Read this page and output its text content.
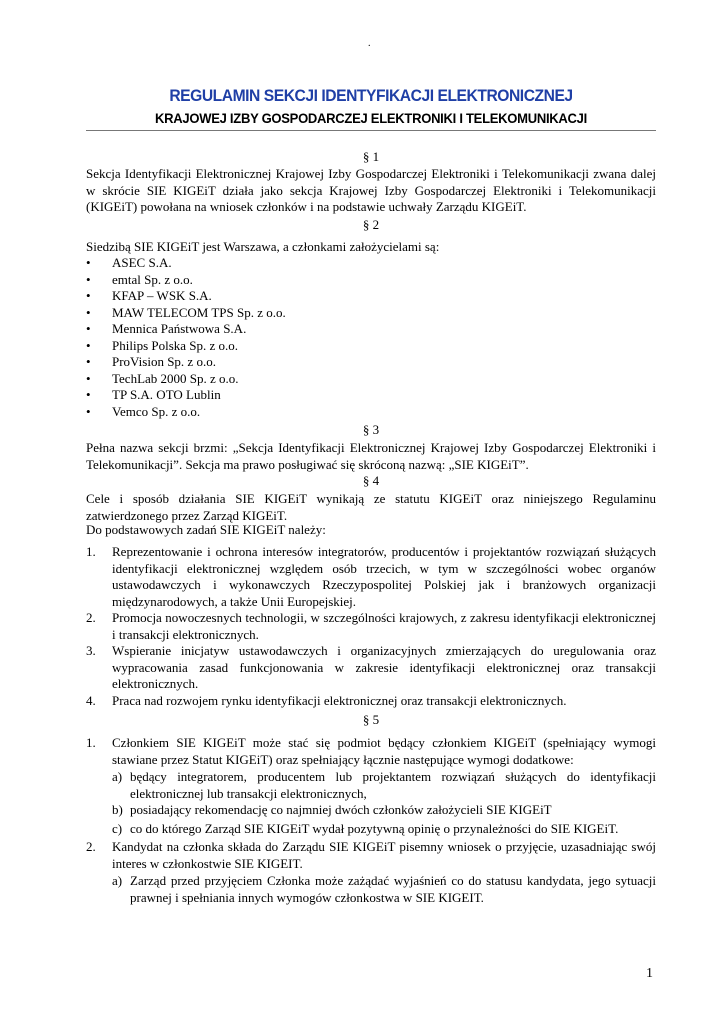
.
REGULAMIN SEKCJI IDENTYFIKACJI ELEKTRONICZNEJ
KRAJOWEJ IZBY GOSPODARCZEJ ELEKTRONIKI I TELEKOMUNIKACJI
§ 1
Sekcja Identyfikacji Elektronicznej Krajowej Izby Gospodarczej Elektroniki i Telekomunikacji zwana dalej w skrócie SIE KIGEiT działa jako sekcja Krajowej Izby Gospodarczej Elektroniki i Telekomunikacji (KIGEiT) powołana na wniosek członków i na podstawie uchwały Zarządu KIGEiT.
§ 2
Siedzibą SIE KIGEiT jest Warszawa, a członkami założycielami są:
• ASEC S.A.
• emtal Sp. z o.o.
• KFAP – WSK S.A.
• MAW TELECOM TPS Sp. z o.o.
• Mennica Państwowa S.A.
• Philips Polska Sp. z o.o.
• ProVision Sp. z o.o.
• TechLab 2000 Sp. z o.o.
• TP S.A. OTO Lublin
• Vemco Sp. z o.o.
§ 3
Pełna nazwa sekcji brzmi: „Sekcja Identyfikacji Elektronicznej Krajowej Izby Gospodarczej Elektroniki i Telekomunikacji”. Sekcja ma prawo posługiwać się skróconą nazwą: „SIE KIGEiT”.
§ 4
Cele i sposób działania SIE KIGEiT wynikają ze statutu KIGEiT oraz niniejszego Regulaminu zatwierdzonego przez Zarząd KIGEiT.
Do podstawowych zadań SIE KIGEiT należy:
1. Reprezentowanie i ochrona interesów integratorów, producentów i projektantów rozwiązań służących identyfikacji elektronicznej względem osób trzecich, w tym w szczególności wobec organów ustawodawczych i wykonawczych Rzeczypospolitej Polskiej jak i branżowych organizacji międzynarodowych, a także Unii Europejskiej.
2. Promocja nowoczesnych technologii, w szczególności krajowych, z zakresu identyfikacji elektronicznej i transakcji elektronicznych.
3. Wspieranie inicjatyw ustawodawczych i organizacyjnych zmierzających do uregulowania oraz wypracowania zasad funkcjonowania w zakresie identyfikacji elektronicznej oraz transakcji elektronicznych.
4. Praca nad rozwojem rynku identyfikacji elektronicznej oraz transakcji elektronicznych.
§ 5
1. Członkiem SIE KIGEiT może stać się podmiot będący członkiem KIGEiT (spełniający wymogi stawiane przez Statut KIGEiT) oraz spełniający łącznie następujące wymogi dodatkowe:
a) będący integratorem, producentem lub projektantem rozwiązań służących do identyfikacji elektronicznej lub transakcji elektronicznych,
b) posiadający rekomendację co najmniej dwóch członków założycieli SIE KIGEiT
c) co do którego Zarząd SIE KIGEiT wydał pozytywną opinię o przynależności do SIE KIGEiT.
2. Kandydat na członka składa do Zarządu SIE KIGEiT pisemny wniosek o przyjęcie, uzasadniając swój interes w członkostwie SIE KIGEIT.
a) Zarząd przed przyjęciem Członka może zażądać wyjaśnień co do statusu kandydata, jego sytuacji prawnej i spełniania innych wymogów członkostwa w SIE KIGEIT.
1
